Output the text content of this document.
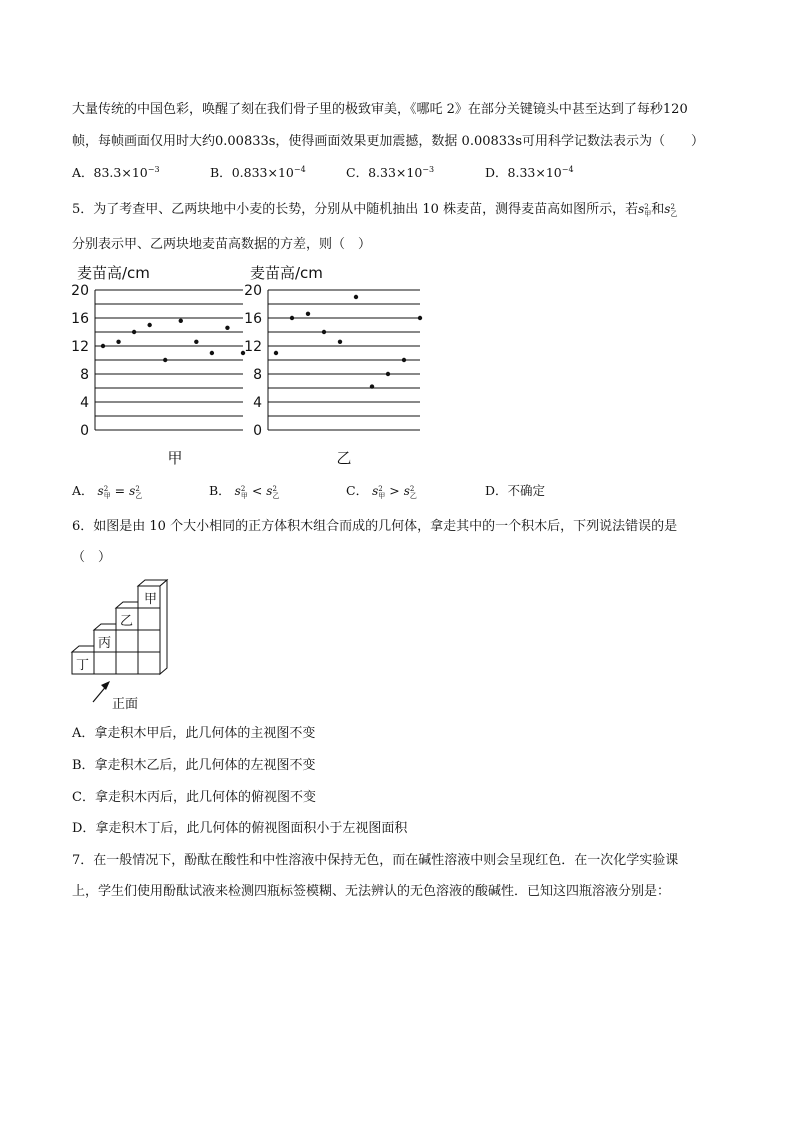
大量传统的中国色彩，唤醒了刻在我们骨子里的极致审美，《哪吒 2》在部分关键镜头中甚至达到了每秒120
帧，每帧画面仅用时大约0.00833s，使得画面效果更加震撼，数据 0.00833s可用科学记数法表示为（　　）
A．$83.3\times 10^{-3}$	B．$0.833\times 10^{-4}$	C．$8.33\times 10^{-3}$	D．$8.33\times 10^{-4}$
5．为了考查甲、乙两块地中小麦的长势，分别从中随机抽出 10 株麦苗，测得麦苗高如图所示，若s 2
甲和s 2
乙
分别表示甲、乙两块地麦苗高数据的方差，则（　）
0
4
8
12
16
20
麦苗高/cm
甲
0
4
8
12
16
20
麦苗高/cm
乙
A． s 2
甲 = s 2
乙	B． s 2
甲 < s 2
乙	C． s 2
甲 > s 2
乙	D．不确定
6．如图是由 10 个大小相同的正方体积木组合而成的几何体，拿走其中的一个积木后，下列说法错误的是
（　）
丁
丙
乙
甲
正面
A．拿走积木甲后，此几何体的主视图不变
B．拿走积木乙后，此几何体的左视图不变
C．拿走积木丙后，此几何体的俯视图不变
D．拿走积木丁后，此几何体的俯视图面积小于左视图面积
7．在一般情况下，酚酞在酸性和中性溶液中保持无色，而在碱性溶液中则会呈现红色．在一次化学实验课
上，学生们使用酚酞试液来检测四瓶标签模糊、无法辨认的无色溶液的酸碱性．已知这四瓶溶液分别是：
